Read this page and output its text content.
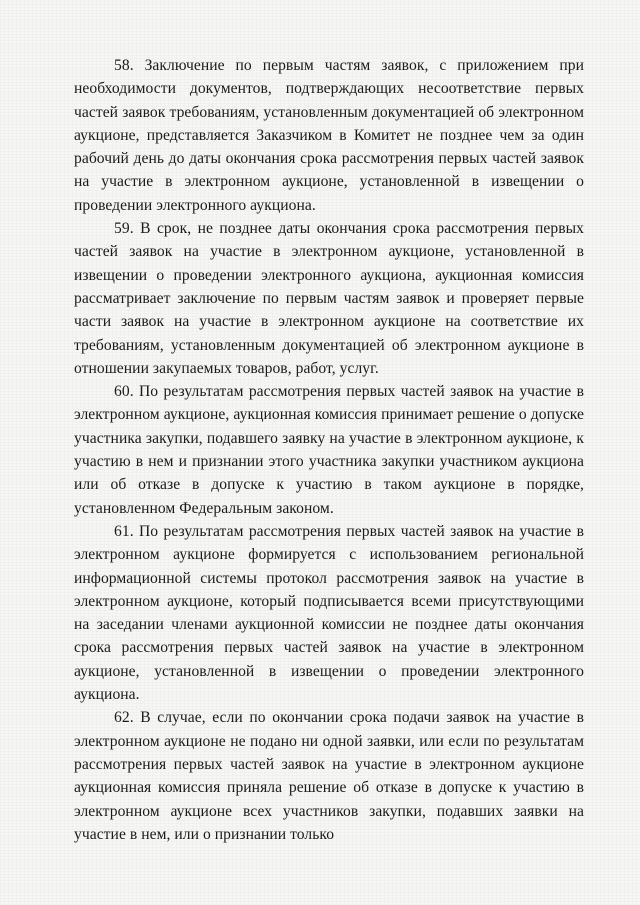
58. Заключение по первым частям заявок, с приложением при необходимости документов, подтверждающих несоответствие первых частей заявок требованиям, установленным документацией об электронном аукционе, представляется Заказчиком в Комитет не позднее чем за один рабочий день до даты окончания срока рассмотрения первых частей заявок на участие в электронном аукционе, установленной в извещении о проведении электронного аукциона.

59. В срок, не позднее даты окончания срока рассмотрения первых частей заявок на участие в электронном аукционе, установленной в извещении о проведении электронного аукциона, аукционная комиссия рассматривает заключение по первым частям заявок и проверяет первые части заявок на участие в электронном аукционе на соответствие их требованиям, установленным документацией об электронном аукционе в отношении закупаемых товаров, работ, услуг.

60. По результатам рассмотрения первых частей заявок на участие в электронном аукционе, аукционная комиссия принимает решение о допуске участника закупки, подавшего заявку на участие в электронном аукционе, к участию в нем и признании этого участника закупки участником аукциона или об отказе в допуске к участию в таком аукционе в порядке, установленном Федеральным законом.

61. По результатам рассмотрения первых частей заявок на участие в электронном аукционе формируется с использованием региональной информационной системы протокол рассмотрения заявок на участие в электронном аукционе, который подписывается всеми присутствующими на заседании членами аукционной комиссии не позднее даты окончания срока рассмотрения первых частей заявок на участие в электронном аукционе, установленной в извещении о проведении электронного аукциона.

62. В случае, если по окончании срока подачи заявок на участие в электронном аукционе не подано ни одной заявки, или если по результатам рассмотрения первых частей заявок на участие в электронном аукционе аукционная комиссия приняла решение об отказе в допуске к участию в электронном аукционе всех участников закупки, подавших заявки на участие в нем, или о признании только
